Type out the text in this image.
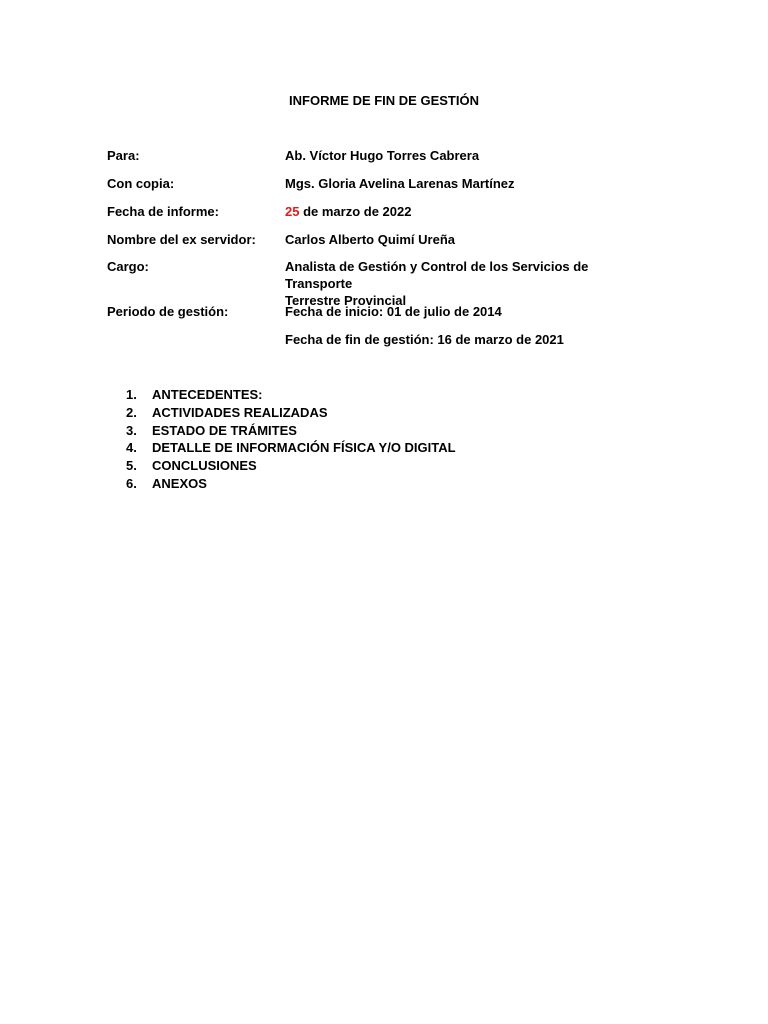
INFORME DE FIN DE GESTIÓN
Para:	Ab. Víctor Hugo Torres Cabrera
Con copia:	Mgs. Gloria Avelina Larenas Martínez
Fecha de informe:	25 de marzo de 2022
Nombre del ex servidor:	Carlos Alberto Quimí Ureña
Cargo:	Analista de Gestión y Control de los Servicios de Transporte
Terrestre Provincial
Periodo de gestión:	Fecha de inicio: 01 de julio de 2014
Fecha de fin de gestión: 16 de marzo de 2021
1. ANTECEDENTES:
2. ACTIVIDADES REALIZADAS
3. ESTADO DE TRÁMITES
4. DETALLE DE INFORMACIÓN FÍSICA Y/O DIGITAL
5. CONCLUSIONES
6. ANEXOS
